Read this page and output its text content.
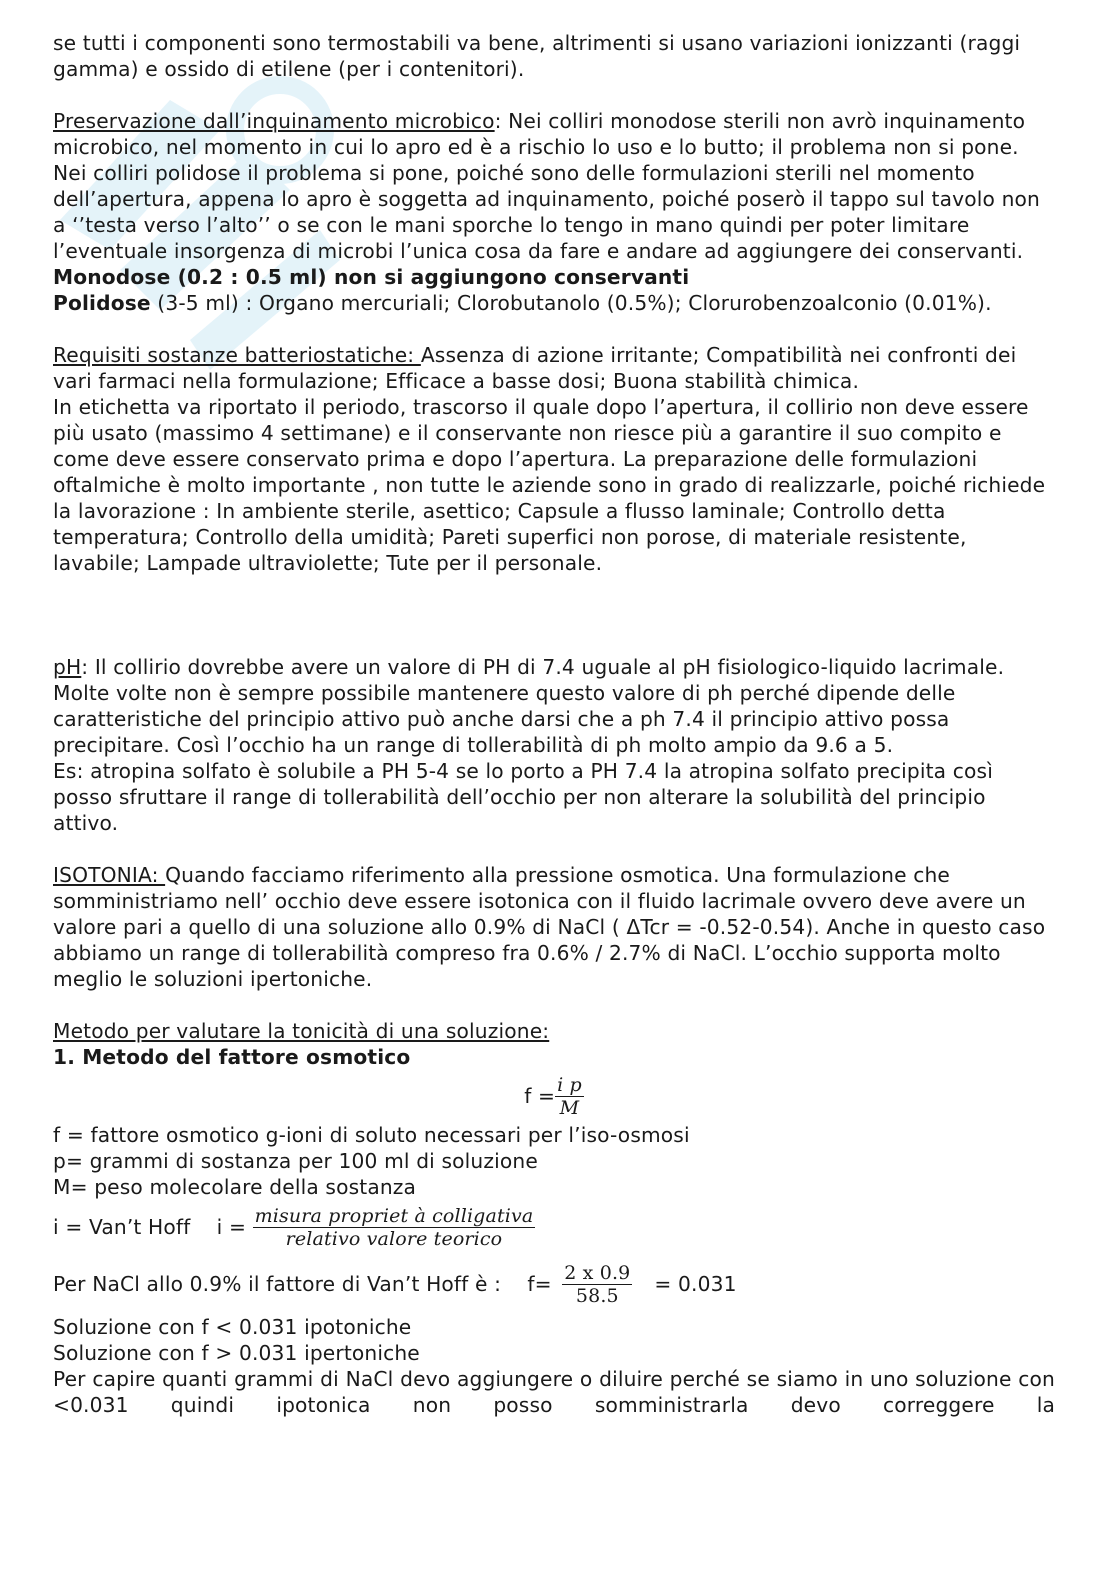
se tutti i componenti sono termostabili va bene, altrimenti si usano variazioni ionizzanti (raggi gamma) e ossido di etilene (per i contenitori).

Preservazione dall’inquinamento microbico: Nei colliri monodose sterili non avrò inquinamento microbico, nel momento in cui lo apro ed è a rischio lo uso e lo butto; il problema non si pone. Nei colliri polidose il problema si pone, poiché sono delle formulazioni sterili nel momento dell’apertura, appena lo apro è soggetta ad inquinamento, poiché poserò il tappo sul tavolo non a ‘’testa verso l’alto’’ o se con le mani sporche lo tengo in mano quindi per poter limitare l’eventuale insorgenza di microbi l’unica cosa da fare e andare ad aggiungere dei conservanti. Monodose (0.2 : 0.5 ml) non si aggiungono conservanti

Polidose (3-5 ml) : Organo mercuriali; Clorobutanolo (0.5%); Clorurobenzoalconio (0.01%).

Requisiti sostanze batteriostatiche: Assenza di azione irritante; Compatibilità nei confronti dei vari farmaci nella formulazione; Efficace a basse dosi; Buona stabilità chimica.

In etichetta va riportato il periodo, trascorso il quale dopo l’apertura, il collirio non deve essere più usato (massimo 4 settimane) e il conservante non riesce più a garantire il suo compito e come deve essere conservato prima e dopo l’apertura. La preparazione delle formulazioni oftalmiche è molto importante , non tutte le aziende sono in grado di realizzarle, poiché richiede la lavorazione : In ambiente sterile, asettico; Capsule a flusso laminale; Controllo detta temperatura; Controllo della umidità; Pareti superfici non porose, di materiale resistente, lavabile; Lampade ultraviolette; Tute per il personale.

pH: Il collirio dovrebbe avere un valore di PH di 7.4 uguale al pH fisiologico-liquido lacrimale. Molte volte non è sempre possibile mantenere questo valore di ph perché dipende delle caratteristiche del principio attivo può anche darsi che a ph 7.4 il principio attivo possa precipitare. Così l’occhio ha un range di tollerabilità di ph molto ampio da 9.6 a 5.

Es: atropina solfato è solubile a PH 5-4 se lo porto a PH 7.4 la atropina solfato precipita così posso sfruttare il range di tollerabilità dell’occhio per non alterare la solubilità del principio attivo.

ISOTONIA: Quando facciamo riferimento alla pressione osmotica. Una formulazione che somministriamo nell’ occhio deve essere isotonica con il fluido lacrimale ovvero deve avere un valore pari a quello di una soluzione allo 0.9% di NaCl ( ΔTcr = -0.52-0.54). Anche in questo caso abbiamo un range di tollerabilità compreso fra 0.6% / 2.7% di NaCl. L’occhio supporta molto meglio le soluzioni ipertoniche.

Metodo per valutare la tonicità di una soluzione:

1. Metodo del fattore osmotico

$f = \frac{\text{i p}}{M}$

f = fattore osmotico g-ioni di soluto necessari per l’iso-osmosi

p= grammi di sostanza per 100 ml di soluzione

M= peso molecolare della sostanza

i = Van’t Hoff    $i = \frac{\text{misura propriet à colligativa}}{\text{relativo valore teorico}}$
Per NaCl allo 0.9% il fattore di Van’t Hoff è :    $f= \frac{2 x 0.9}{58.5} = 0.031$

Soluzione con f < 0.031 ipotoniche

Soluzione con f > 0.031 ipertoniche

Per capire quanti grammi di NaCl devo aggiungere o diluire perché se siamo in uno soluzione con <0.031 quindi ipotonica non posso somministrarla devo correggere la
